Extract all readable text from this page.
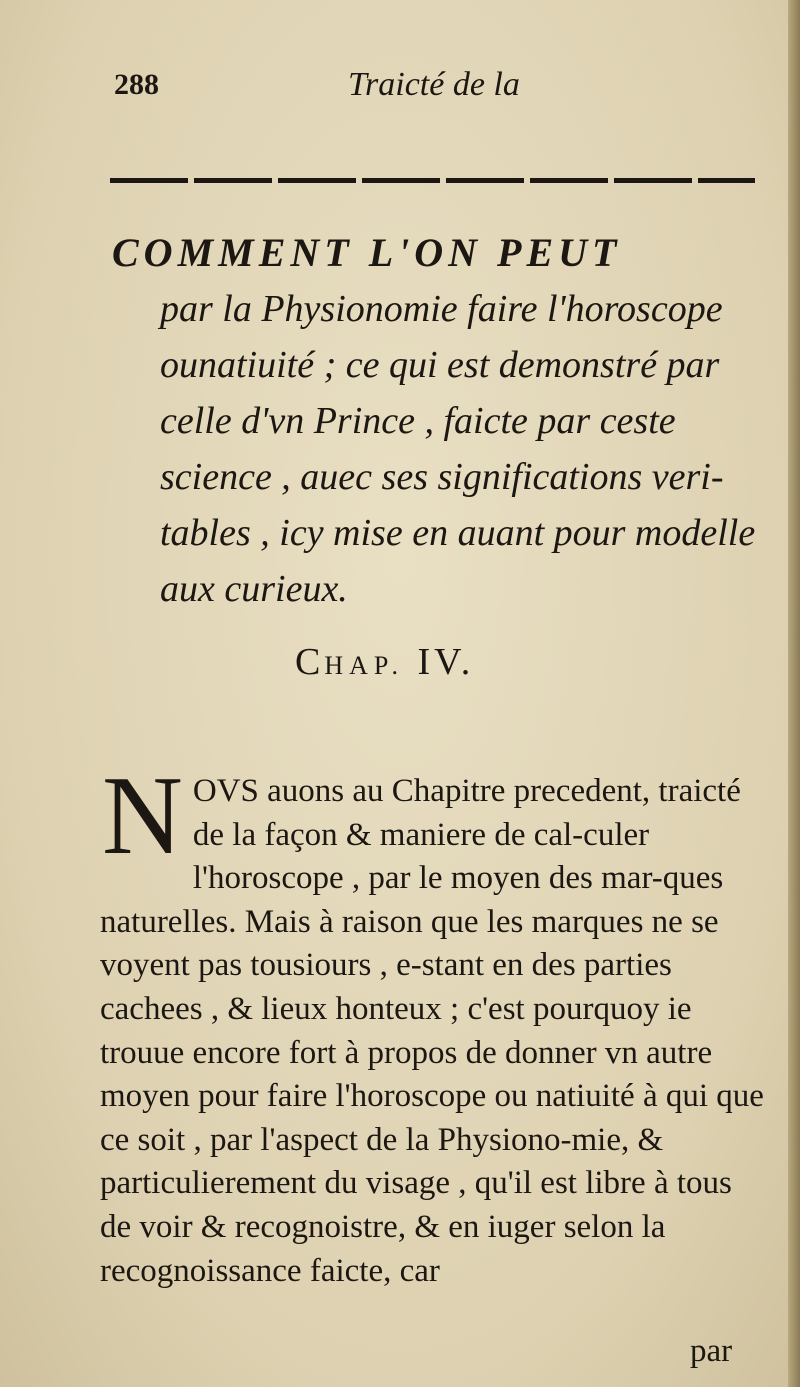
288	Traicté de la
COMMENT L'ON PEUT
par la Physionomie faire l'horoscope
ounatiuité ; ce qui est demonstré par
celle d'vn Prince , faicte par ceste
science , auec ses significations veri-
tables , icy mise en auant pour modelle
aux curieux.
CHAP. IV.
N OVS auons au Chapitre precedent, traicté de la façon & maniere de cal-culer l'horoscope , par le moyen des mar-ques naturelles. Mais à raison que les marques ne se voyent pas tousiours , e-stant en des parties cachees , & lieux honteux ; c'est pourquoy ie trouue encore fort à propos de donner vn autre moyen pour faire l'horoscope ou natiuité à qui que ce soit , par l'aspect de la Physiono-mie, & particulierement du visage , qu'il est libre à tous de voir & recognoistre, & en iuger selon la recognoissance faicte, car
par
